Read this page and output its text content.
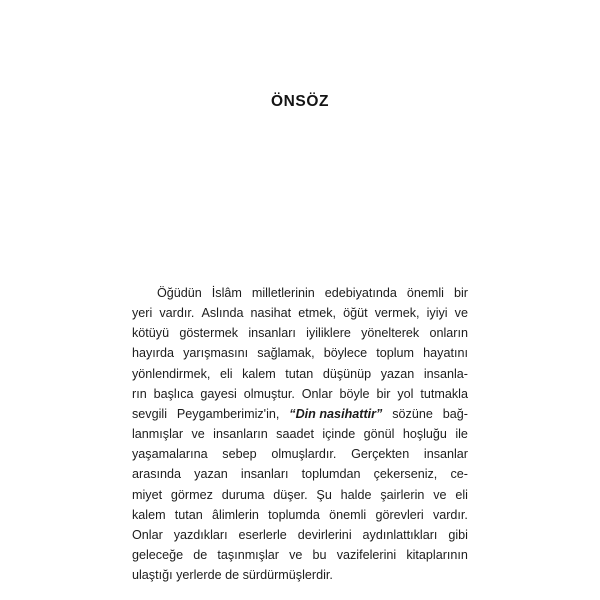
ÖNSÖZ
Öğüdün İslâm milletlerinin edebiyatında önemli bir
yeri vardır. Aslında nasihat etmek, öğüt vermek, iyiyi ve
kötüyü göstermek insanları iyiliklere yönelterek onların
hayırda yarışmasını sağlamak, böylece toplum hayatını
yönlendirmek, eli kalem tutan düşünüp yazan insanla-
rın başlıca gayesi olmuştur. Onlar böyle bir yol tutmakla
sevgili Peygamberimiz'in, “Din nasihattir” sözüne bağ-
lanmışlar ve insanların saadet içinde gönül hoşluğu ile
yaşamalarına sebep olmuşlardır. Gerçekten insanlar
arasında yazan insanları toplumdan çekerseniz, ce-
miyet görmez duruma düşer. Şu halde şairlerin ve eli
kalem tutan âlimlerin toplumda önemli görevleri vardır.
Onlar yazdıkları eserlerle devirlerini aydınlattıkları gibi
geleceğe de taşınmışlar ve bu vazifelerini kitaplarının
ulaştığı yerlerde de sürdürmüşlerdir.
